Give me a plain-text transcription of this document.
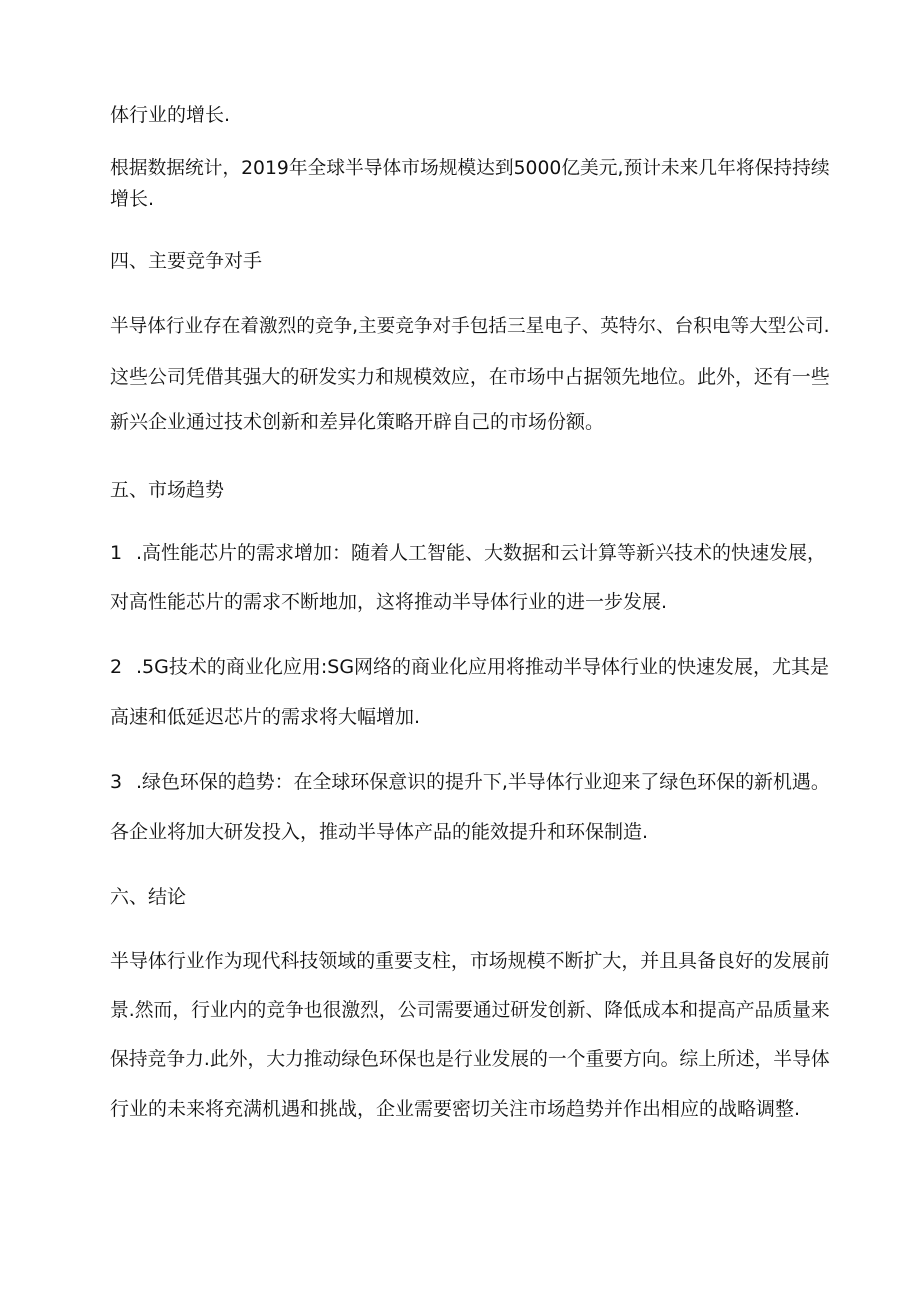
体行业的增长.
根据数据统计，2019年全球半导体市场规模达到5000亿美元,预计未来几年将保持持续
增长.
四、主要竞争对手
半导体行业存在着激烈的竞争,主要竞争对手包括三星电子、英特尔、台积电等大型公司.
这些公司凭借其强大的研发实力和规模效应，在市场中占据领先地位。此外，还有一些
新兴企业通过技术创新和差异化策略开辟自己的市场份额。
五、市场趋势
1 .高性能芯片的需求增加：随着人工智能、大数据和云计算等新兴技术的快速发展，
对高性能芯片的需求不断地加，这将推动半导体行业的进一步发展.
2 .5G技术的商业化应用:SG网络的商业化应用将推动半导体行业的快速发展，尤其是
高速和低延迟芯片的需求将大幅增加.
3 .绿色环保的趋势：在全球环保意识的提升下,半导体行业迎来了绿色环保的新机遇。
各企业将加大研发投入，推动半导体产品的能效提升和环保制造.
六、结论
半导体行业作为现代科技领域的重要支柱，市场规模不断扩大，并且具备良好的发展前
景.然而，行业内的竞争也很激烈，公司需要通过研发创新、降低成本和提高产品质量来
保持竞争力.此外，大力推动绿色环保也是行业发展的一个重要方向。综上所述，半导体
行业的未来将充满机遇和挑战，企业需要密切关注市场趋势并作出相应的战略调整.
